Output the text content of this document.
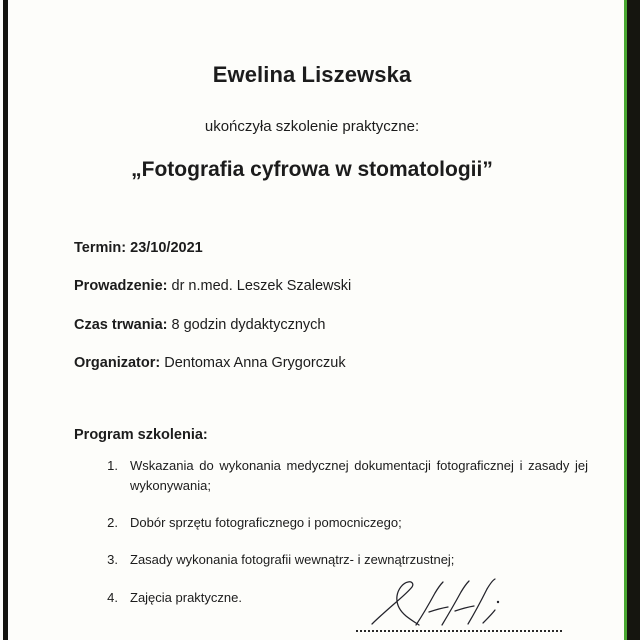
Ewelina Liszewska
ukończyła szkolenie praktyczne:
„Fotografia cyfrowa w stomatologii”
Termin: 23/10/2021
Prowadzenie: dr n.med. Leszek Szalewski
Czas trwania: 8 godzin dydaktycznych
Organizator: Dentomax Anna Grygorczuk
Program szkolenia:
1. Wskazania do wykonania medycznej dokumentacji fotograficznej i zasady jej wykonywania;
2. Dobór sprzętu fotograficznego i pomocniczego;
3. Zasady wykonania fotografii wewnątrz- i zewnątrzustnej;
4. Zajęcia praktyczne.
